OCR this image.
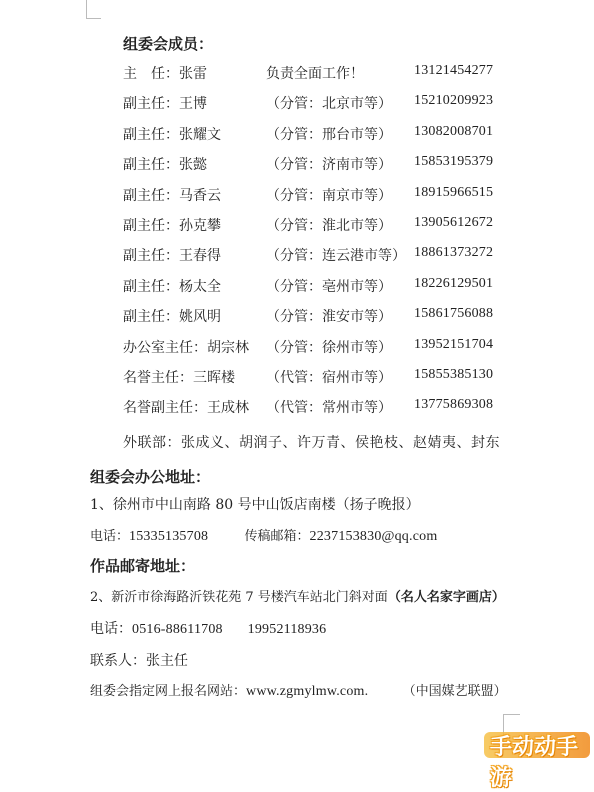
组委会成员：
主　任： 张雷	负责全面工作！	13121454277
副主任： 王博	（分管：北京市等） 15210209923
副主任： 张耀文	（分管：邢台市等） 13082008701
副主任： 张懿	（分管：济南市等） 15853195379
副主任： 马香云	（分管：南京市等） 18915966515
副主任： 孙克攀	（分管：淮北市等） 13905612672
副主任： 王春得	（分管：连云港市等） 18861373272
副主任： 杨太全	（分管：亳州市等） 18226129501
副主任： 姚风明	（分管：淮安市等） 15861756088
办公室主任： 胡宗林 （分管：徐州市等） 13952151704
名誉主任： 三晖楼 （代管：宿州市等） 15855385130
名誉副主任： 王成林 （代管：常州市等） 13775869308
外联部：张成义、胡润子、许万青、侯艳枝、赵婧夷、封东
组委会办公地址：
1、徐州市中山南路 80 号中山饭店南楼（扬子晚报）
电话：15335135708	传稿邮箱：2237153830@qq.com
作品邮寄地址：
2、新沂市徐海路沂铁花苑 7 号楼汽车站北门斜对面（名人名家字画店）
电话：0516-88611708 19952118936
联系人：张主任
组委会指定网上报名网站：www.zgmylmw.com.	（中国媒艺联盟）
手动动手游
